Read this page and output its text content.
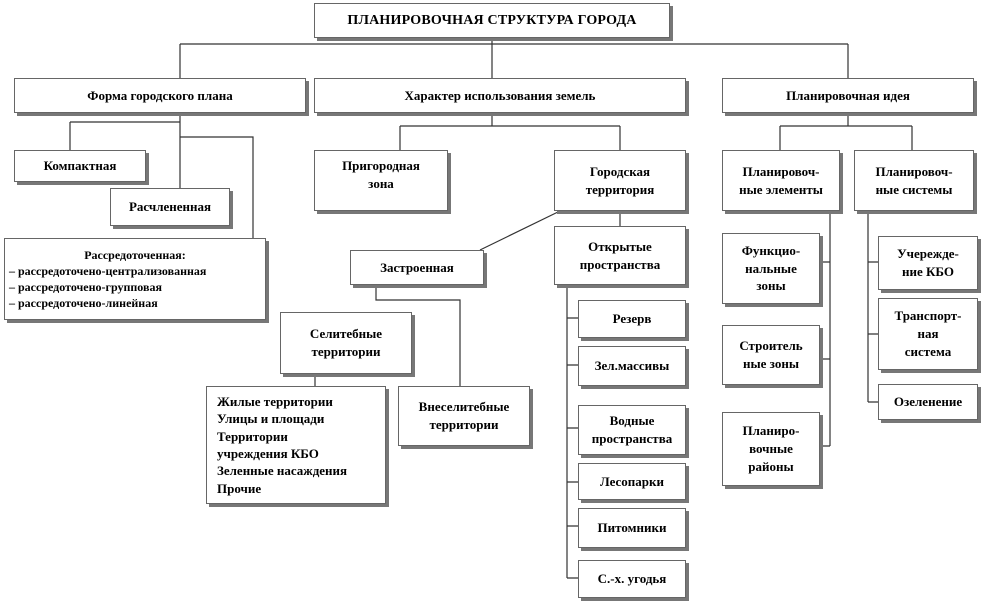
ПЛАНИРОВОЧНАЯ СТРУКТУРА ГОРОДА
Форма городского плана	Характер использования земель	Планировочная идея
Компактная
Расчлененная
Рассредоточенная:
– рассредоточено-централизованная
– рассредоточено-групповая
– рассредоточено-линейная
Пригородная
зона
Городская
территория
Застроенная
Селитебные
территории
Жилые территории
Улицы и площади
Территории
учреждения КБО
Зеленные насаждения
Прочие
Внеселитебные
территории
Открытые
пространства
Резерв
Зел.массивы
Водные
пространства
Лесопарки
Питомники
С.-х. угодья
Планировоч-
ные элементы
Планировоч-
ные системы
Функцио-
нальные
зоны
Строитель
ные зоны
Планиро-
вочные
районы
Учережде-
ние КБО
Транспорт-
ная
система
Озеленение
